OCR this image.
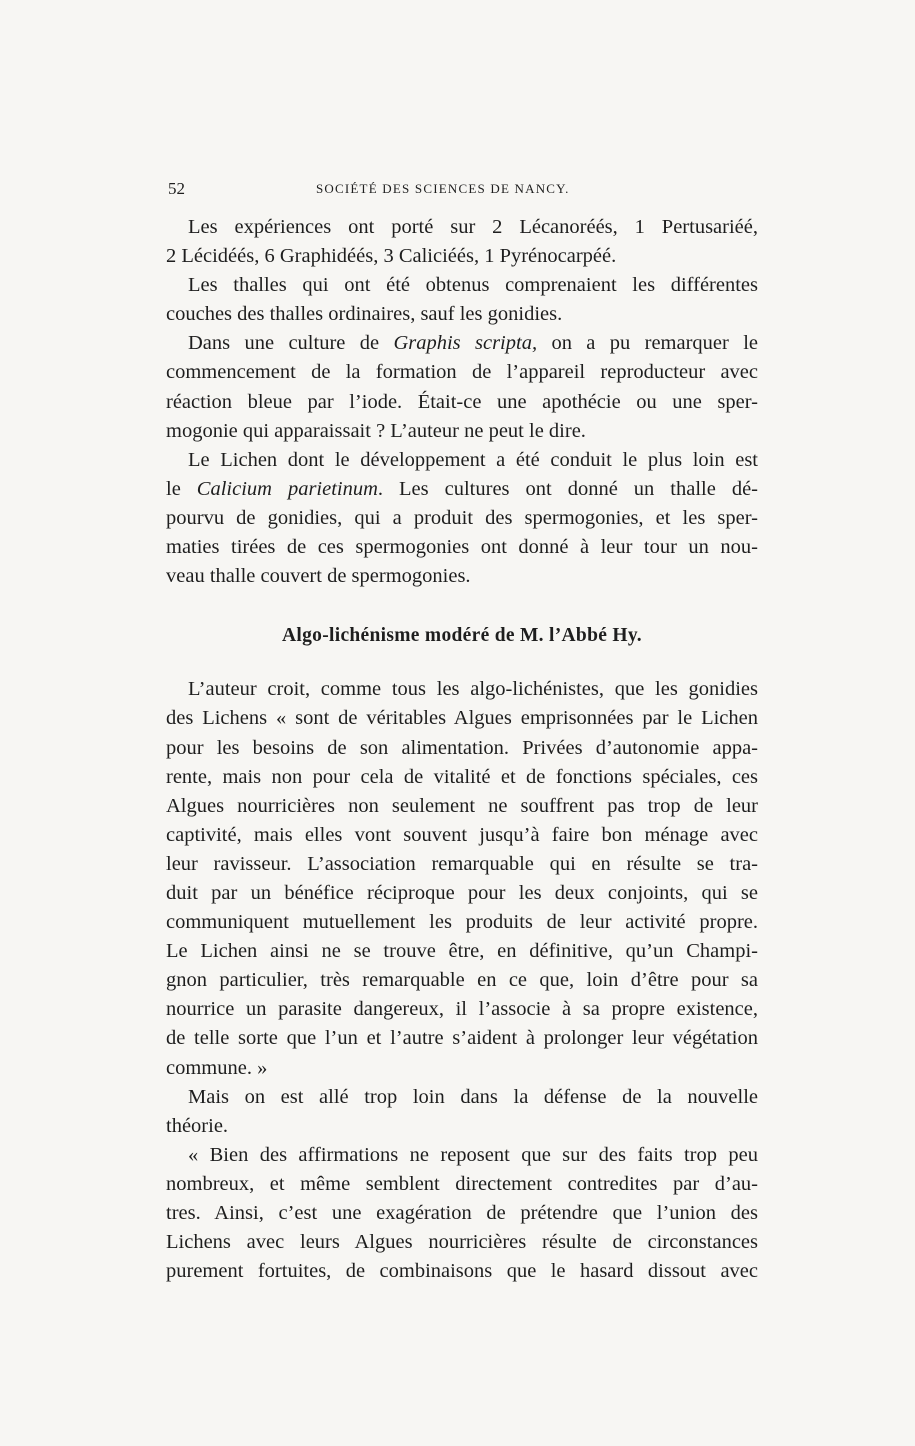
52	SOCIÉTÉ DES SCIENCES DE NANCY.
Les expériences ont porté sur 2 Lécanoréés, 1 Pertusariéé,
2 Lécidéés, 6 Graphidéés, 3 Caliciéés, 1 Pyrénocarpéé.
Les thalles qui ont été obtenus comprenaient les différentes
couches des thalles ordinaires, sauf les gonidies.
Dans une culture de Graphis scripta, on a pu remarquer le
commencement de la formation de l’appareil reproducteur avec
réaction bleue par l’iode. Était-ce une apothécie ou une sper-
mogonie qui apparaissait ? L’auteur ne peut le dire.
Le Lichen dont le développement a été conduit le plus loin est
le Calicium parietinum. Les cultures ont donné un thalle dé-
pourvu de gonidies, qui a produit des spermogonies, et les sper-
maties tirées de ces spermogonies ont donné à leur tour un nou-
veau thalle couvert de spermogonies.
Algo-lichénisme modéré de M. l’Abbé Hy.
L’auteur croit, comme tous les algo-lichénistes, que les gonidies
des Lichens « sont de véritables Algues emprisonnées par le Lichen
pour les besoins de son alimentation. Privées d’autonomie appa-
rente, mais non pour cela de vitalité et de fonctions spéciales, ces
Algues nourricières non seulement ne souffrent pas trop de leur
captivité, mais elles vont souvent jusqu’à faire bon ménage avec
leur ravisseur. L’association remarquable qui en résulte se tra-
duit par un bénéfice réciproque pour les deux conjoints, qui se
communiquent mutuellement les produits de leur activité propre.
Le Lichen ainsi ne se trouve être, en définitive, qu’un Champi-
gnon particulier, très remarquable en ce que, loin d’être pour sa
nourrice un parasite dangereux, il l’associe à sa propre existence,
de telle sorte que l’un et l’autre s’aident à prolonger leur végétation
commune. »
Mais on est allé trop loin dans la défense de la nouvelle
théorie.
« Bien des affirmations ne reposent que sur des faits trop peu
nombreux, et même semblent directement contredites par d’au-
tres. Ainsi, c’est une exagération de prétendre que l’union des
Lichens avec leurs Algues nourricières résulte de circonstances
purement fortuites, de combinaisons que le hasard dissout avec
